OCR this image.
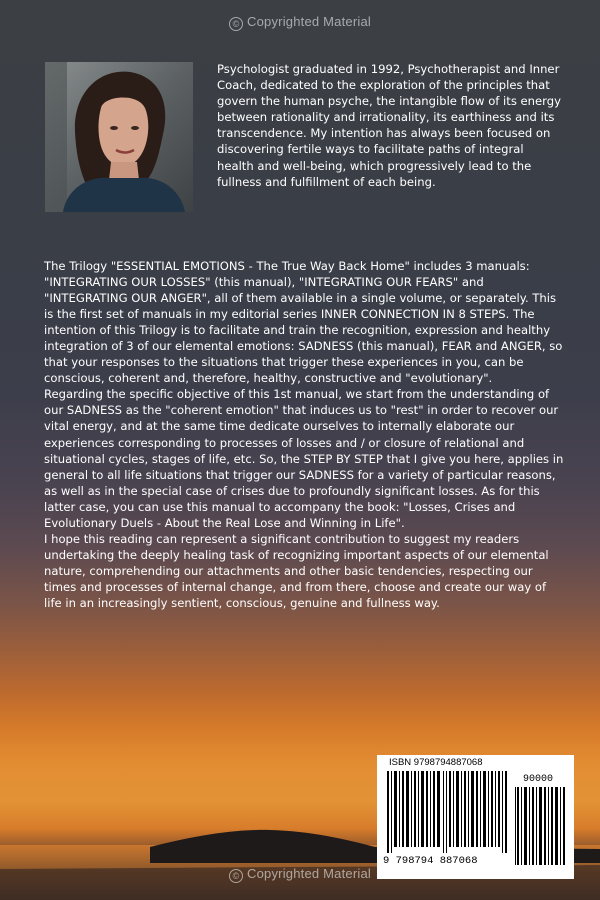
© Copyrighted Material
Psychologist graduated in 1992, Psychotherapist and Inner Coach, dedicated to the exploration of the principles that govern the human psyche, the intangible flow of its energy between rationality and irrationality, its earthiness and its transcendence. My intention has always been focused on discovering fertile ways to facilitate paths of integral health and well-being, which progressively lead to the fullness and fulfillment of each being.

The Trilogy "ESSENTIAL EMOTIONS - The True Way Back Home" includes 3 manuals: "INTEGRATING OUR LOSSES" (this manual), "INTEGRATING OUR FEARS" and "INTEGRATING OUR ANGER", all of them available in a single volume, or separately. This is the first set of manuals in my editorial series INNER CONNECTION IN 8 STEPS. The intention of this Trilogy is to facilitate and train the recognition, expression and healthy integration of 3 of our elemental emotions: SADNESS (this manual), FEAR and ANGER, so that your responses to the situations that trigger these experiences in you, can be conscious, coherent and, therefore, healthy, constructive and "evolutionary".

Regarding the specific objective of this 1st manual, we start from the understanding of our SADNESS as the "coherent emotion" that induces us to "rest" in order to recover our vital energy, and at the same time dedicate ourselves to internally elaborate our experiences corresponding to processes of losses and / or closure of relational and situational cycles, stages of life, etc. So, the STEP BY STEP that I give you here, applies in general to all life situations that trigger our SADNESS for a variety of particular reasons, as well as in the special case of crises due to profoundly significant losses. As for this latter case, you can use this manual to accompany the book: "Losses, Crises and Evolutionary Duels - About the Real Lose and Winning in Life".

I hope this reading can represent a significant contribution to suggest my readers undertaking the deeply healing task of recognizing important aspects of our elemental nature, comprehending our attachments and other basic tendencies, respecting our times and processes of internal change, and from there, choose and create our way of life in an increasingly sentient, conscious, genuine and fullness way.

© Copyrighted Material
ISBN 9798794887068
9 798794 887068
90000
